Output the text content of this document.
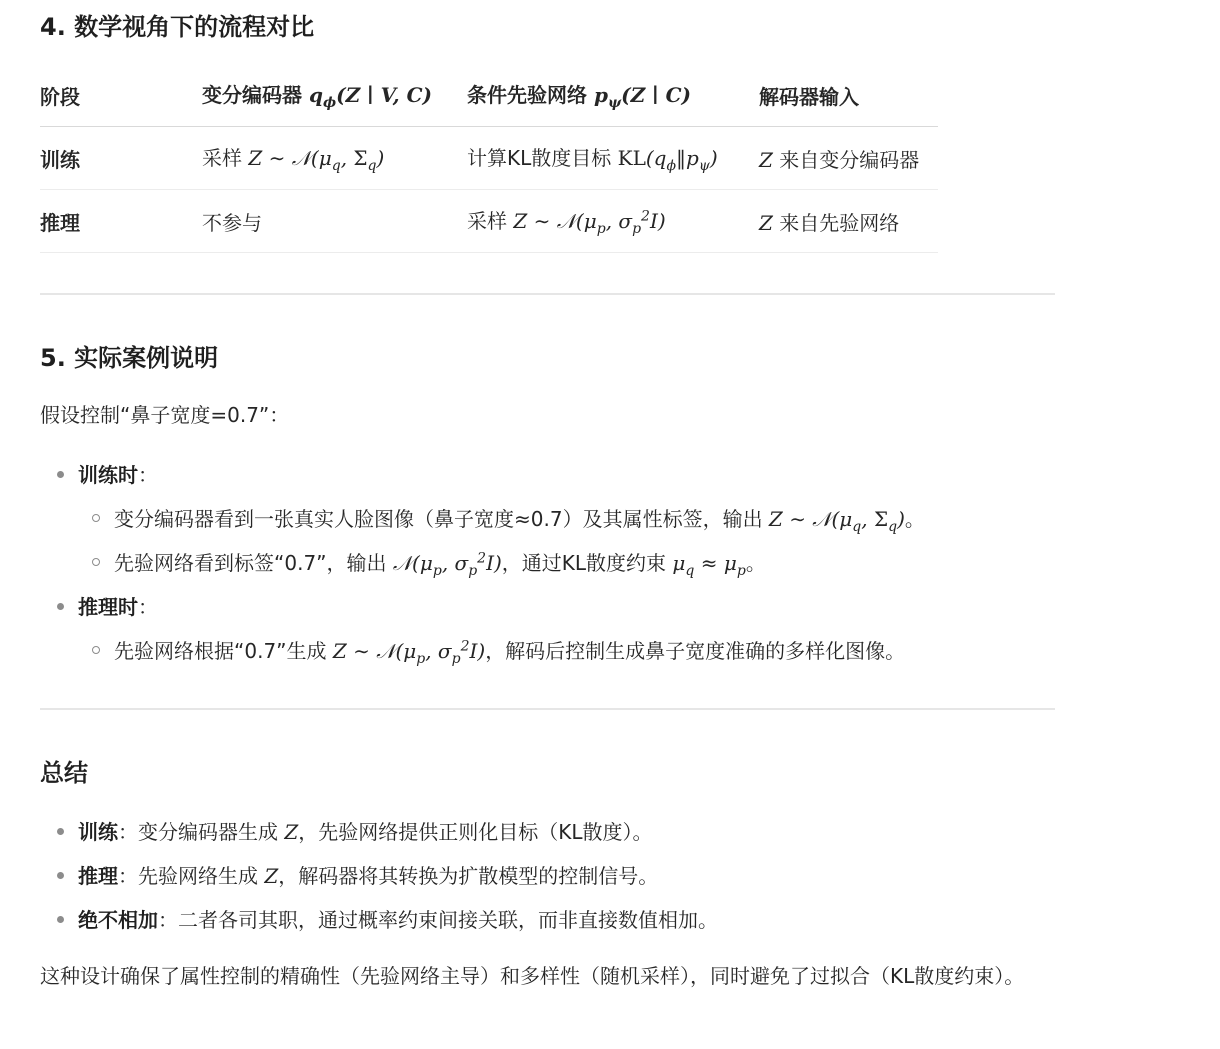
4. 数学视角下的流程对比
阶段	变分编码器 $q_\phi(Z$ ∣ V, C)	条件先验网络 $p_\psi(Z$ ∣ C)	解码器输入
训练	采样 Z ∼ $𝒩(\mu_q$, $\Sigma_q$)	计算KL散度目标 $KL(q_\phi‖p_\psi)$	Z 来自变分编码器
推理	不参与	采样 Z ∼ $𝒩(\mu_p$, $\sigma_p^2I$)	Z 来自先验网络
5. 实际案例说明
假设控制“鼻子宽度=0.7”：
训练时：
变分编码器看到一张真实人脸图像（鼻子宽度≈0.7）及其属性标签，输出 Z ∼ $𝒩(\mu_q$, $\Sigma_q$)。
先验网络看到标签“0.7”，输出 $𝒩(\mu_p$, $\sigma_p^2I$)，通过KL散度约束 $\mu_q \approx \mu_p$。
推理时：
先验网络根据“0.7”生成 Z ∼ $𝒩(\mu_p$, $\sigma_p^2I$)，解码后控制生成鼻子宽度准确的多样化图像。
总结
训练：变分编码器生成 Z，先验网络提供正则化目标（KL散度）。
推理：先验网络生成 Z，解码器将其转换为扩散模型的控制信号。
绝不相加：二者各司其职，通过概率约束间接关联，而非直接数值相加。

这种设计确保了属性控制的精确性（先验网络主导）和多样性（随机采样），同时避免了过拟合（KL散度约束）。
